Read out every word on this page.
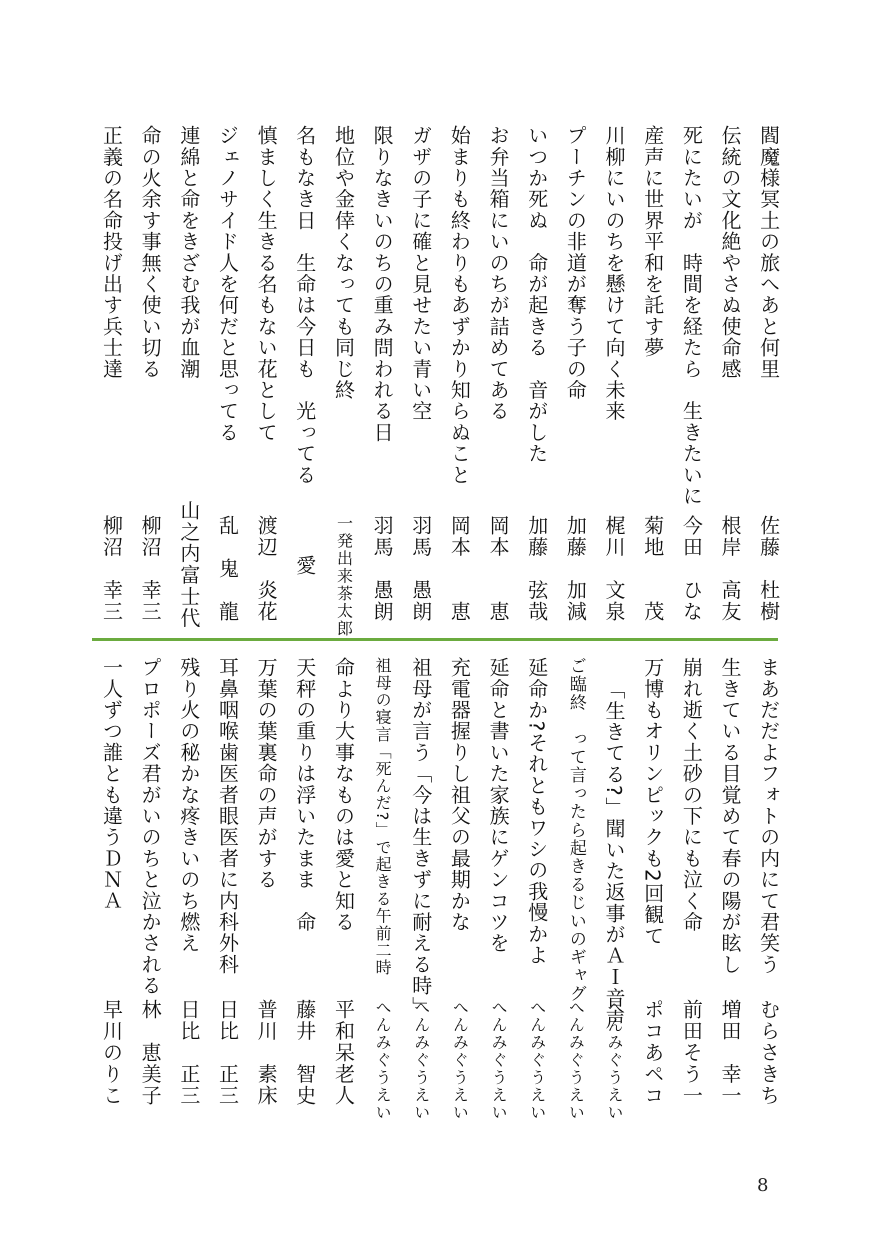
閻魔様冥土の旅へあと何里
佐藤　杜樹
伝統の文化絶やさぬ使命感
根岸　高友
死にたいが　時間を経たら　生きたいに
今田　ひな
産声に世界平和を託す夢
菊地　　茂
川柳にいのちを懸けて向く未来
梶川　文泉
プーチンの非道が奪う子の命
加藤　加減
いつか死ぬ　命が起きる　音がした
加藤　弦哉
お弁当箱にいのちが詰めてある
岡本　　恵
始まりも終わりもあずかり知らぬこと
岡本　　恵
ガザの子に確と見せたい青い空
羽馬　愚朗
限りなきいのちの重み問われる日
羽馬　愚朗
地位や金倖くなっても同じ終
一発出来茶太郎
名もなき日　生命は今日も　光ってる
愛
慎ましく生きる名もない花として
渡辺　炎花
ジェノサイド人を何だと思ってる
乱　鬼　龍
連綿と命をきざむ我が血潮
山之内富士代
命の火余す事無く使い切る
柳沼　幸三
正義の名命投げ出す兵士達
柳沼　幸三
まあだだよフォトの内にて君笑う
むらさきち
生きている目覚めて春の陽が眩し
増田　幸一
崩れ逝く土砂の下にも泣く命
前田そう一
万博もオリンピックも2回観て
ポコあペコ
「生きてる?」聞いた返事がＡＩ音声
へんみぐうえい
ご臨終　って言ったら起きるじいのギャグ
へんみぐうえい
延命か?それともワシの我慢かよ
へんみぐうえい
延命と書いた家族にゲンコツを
へんみぐうえい
充電器握りし祖父の最期かな
へんみぐうえい
祖母が言う「今は生きずに耐える時」
へんみぐうえい
祖母の寝言「死んだ?」で起きる午前二時
へんみぐうえい
命より大事なものは愛と知る
平和呆老人
天秤の重りは浮いたまま　命
藤井　智史
万葉の葉裏命の声がする
普川　素床
耳鼻咽喉歯医者眼医者に内科外科
日比　正三
残り火の秘かな疼きいのち燃え
日比　正三
プロポーズ君がいのちと泣かされる
林　恵美子
一人ずつ誰とも違うＤＮＡ
早川のりこ
8
